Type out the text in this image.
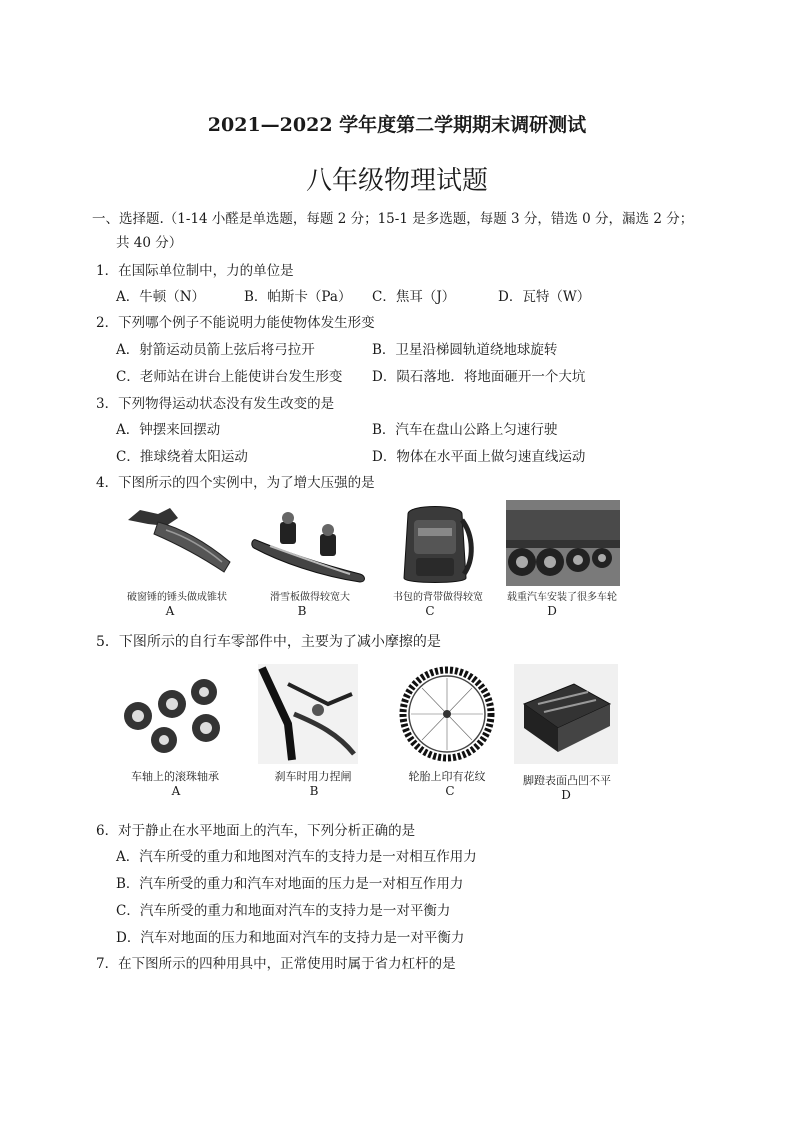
2021—2022 学年度第二学期期末调研测试
八年级物理试题
一、选择题.（1-14 小醛是单选题，每题 2 分；15-1 是多选题，每题 3 分，错选 0 分，漏选 2 分；
共 40 分）
1．在国际单位制中，力的单位是
A．牛顿（N）	B．帕斯卡（Pa） C．焦耳（J）	D．瓦特（W）
2．下列哪个例子不能说明力能使物体发生形变
A．射箭运动员箭上弦后将弓拉开	B．卫星沿梯圆轨道绕地球旋转
C．老师站在讲台上能使讲台发生形变 D．陨石落地．将地面砸开一个大坑
3．下列物得运动状态没有发生改变的是
A．钟摆来回摆动	B．汽车在盘山公路上匀速行驶
C．推球绕着太阳运动	D．物体在水平面上做匀速直线运动
4．下图所示的四个实例中，为了增大压强的是
破窗锤的锤头做成锥状
A
滑雪板做得较宽大
B
书包的背带做得较宽
C
载重汽车安装了很多车轮
D
5．下图所示的自行车零部件中，主要为了减小摩擦的是
车轴上的滚珠轴承
A
刹车时用力捏闸
B
轮胎上印有花纹
C
脚蹬表面凸凹不平
D
6．对于静止在水平地面上的汽车，下列分析正确的是
A．汽车所受的重力和地图对汽车的支持力是一对相互作用力
B．汽车所受的重力和汽车对地面的压力是一对相互作用力
C．汽车所受的重力和地面对汽车的支持力是一对平衡力
D．汽车对地面的压力和地面对汽车的支持力是一对平衡力
7．在下图所示的四种用具中，正常使用时属于省力杠杆的是
